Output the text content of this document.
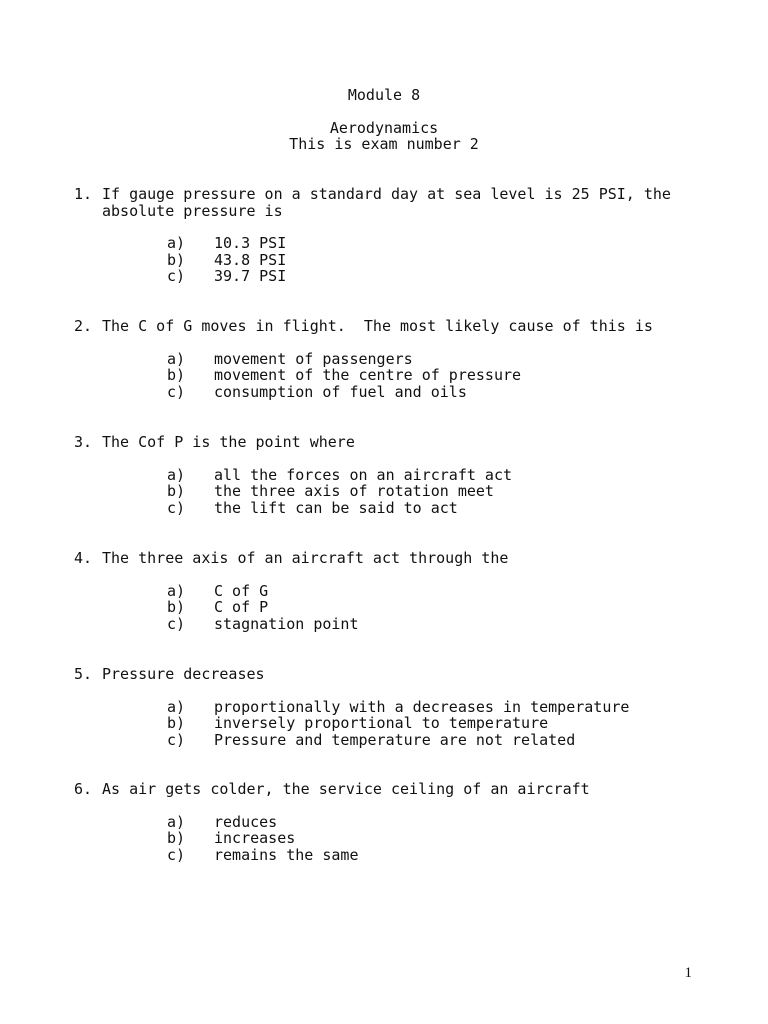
Module 8
Aerodynamics
This is exam number 2
1. If gauge pressure on a standard day at sea level is 25 PSI, the absolute pressure is
a)	10.3 PSI
b)	43.8 PSI
c)	39.7 PSI
2. The C of G moves in flight.  The most likely cause of this is
a)	movement of passengers
b)	movement of the centre of pressure
c)	consumption of fuel and oils
3. The Cof P is the point where
a)	all the forces on an aircraft act
b)	the three axis of rotation meet
c)	the lift can be said to act
4. The three axis of an aircraft act through the
a)	C of G
b)	C of P
c)	stagnation point
5. Pressure decreases
a)	proportionally with a decreases in temperature
b)	inversely proportional to temperature
c)	Pressure and temperature are not related
6. As air gets colder, the service ceiling of an aircraft
a)	reduces
b)	increases
c)	remains the same
1
